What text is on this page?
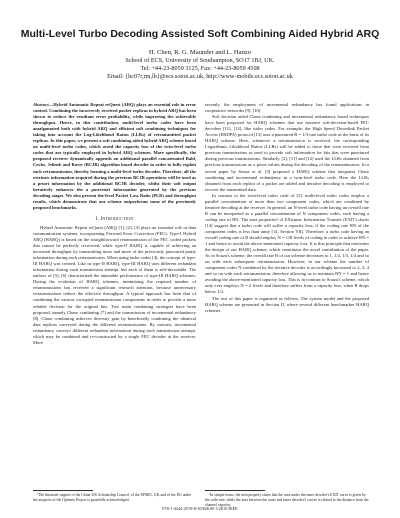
Multi-Level Turbo Decoding Assisted Soft Combining Aided Hybrid ARQ
H. Chen, R. G. Maunder and L. Hanzo
School of ECS, University of Southampton, SO17 1BJ, UK.
Tel: +44-23-8059 3125, Fax: +44-23-8059 4508
Email: {hc07r,rm,lh}@ecs.soton.ac.uk, http://www-mobile.ecs.soton.ac.uk

Abstract—Hybrid Automatic Repeat reQuest (ARQ) plays an essential role in error control. Combining the incorrectly received packet replicas in hybrid ARQ has been shown to reduce the resultant error probability, while improving the achievable throughput. Hence, in this contribution, multi-level turbo codes have been amalgamated both with hybrid ARQ and efficient soft combining techniques for taking into account the Log-Likelihood Ratios (LLRs) of retransmitted packet replicas. In this paper, we present a soft combining aided hybrid ARQ scheme based on multi-level turbo codes, which avoid the capacity loss of the twin-level turbo codes that are typically employed in hybrid ARQ schemes. More specifically, the proposed receiver dynamically appends an additional parallel concatenated Bahl, Cocke, Jelinek and Raviv (BCJR) algorithm based decoder in order to fully exploit each retransmission, thereby forming a multi-level turbo decoder. Therefore, all the extrinsic information acquired during the previous BCJR operations will be used as a priori information by the additional BCJR decoder, whilst their soft output iteratively enhances the a posteriori information generated by the previous decoding stages. We also present the-level Packet Loss Ratio (PLR) and throughput results, which demonstrate that our scheme outperforms some of the previously proposed benchmarks.

I. Introduction

Hybrid Automatic Repeat reQuest (ARQ) [1], [2], [3] plays an essential role in data communication systems, incorporating Forward Error Correction (FEC). Type-I Hybrid ARQ (HARQ) is based on the straightforward retransmission of the FEC coded packets that cannot be perfectly recovered, while type-II HARQ is capable of achieving an increased throughput by transmitting more and more of the previously punctured parity information during each retransmission. When using turbo codes [4], the concept of type-III HARQ was created. Like in type-II HARQ, type-III HARQ uses different redundant information during each transmission attempt, but each of them is self-decodable. The authors of [5], [6] characterized the attainable performance of type-III HARQ schemes. During the evolution of HARQ schemes, minimizing the required number of retransmissions has received a significant research attention, because unnecessary retransmissions reduce the effective throughput. A typical approach has been that of combining the various corrupted retransmission components in order to provide a more reliable decision for the original bits. Two main combining strategies have been proposed, namely Chase combining [7] and the transmission of incremental redundancy [8]. Chase combining achieves diversity gain by beneficially combining the identical data replicas conveyed during the different retransmissions. By contrast, incremental redundancy conveys different redundant information during each transmission attempt, which may be combined and re-constructed by a single FEC decoder at the receiver. More

recently, the employment of incremental redundancy has found applications in cooperative networks [9], [10].

Soft decision aided Chase combining and incremental redundancy based techniques have been proposed for HARQ schemes that use iterative soft-decision-based FEC decoders [11], [12], like turbo codes. For example, the High Speed Downlink Packet Access (HSDPA) protocol [13] uses a punctured R = 1/3-rate turbo code as the basis of its HARQ scheme. Here, whenever a retransmission is received, the corresponding Logarithmic Likelihood Ratios (LLRs) will be added to those that were received from previous transmissions or used to provide soft information for bits that were punctured during previous transmissions. Similarly, [2], [11] and [12] used the LLRs obtained from previous transmissions as a priori values during the decoding of the retransmissions. In a recent paper by Souza et al. [3] proposed a HARQ scheme that integrates Chase combining and incremental redundancy in a twin-level turbo code. Here the LLRs obtained from each replica of a packet are added and iterative decoding is employed to recover the transmitted data.

In contrast to the twin-level turbo code of [3], multi-level turbo codes employ a parallel concatenation of more than two component codes, which are combined by iterative decoding at the receiver. In general, an N-level turbo code having an overall rate R can be interpreted as a parallel concatenation of N component codes, each having a coding rate of RN. The area properties¹ of EXtrinsic Information Transfer (EXIT) charts [14] suggest that a turbo code will suffer a capacity loss, if the coding rate RN of the component codes is less than unity [14, Section VII]. Therefore, a turbo code having an overall coding rate of R should employ N = 1/R levels of coding in order to achieve RN = 1 and hence to avoid the above-mentioned capacity loss. It is this principle that motivates the design of our HARQ scheme, which constitutes the novel contribution of the paper. As in Souza's scheme, the overall rate R of our scheme decreases to 1, 1/2, 1/3, 1/4 and so on with each subsequent retransmission. However, in our scheme the number of component codes N combined by the iterative decoder is accordingly increased to 2, 3, 4 and so on with each retransmission, therefore allowing us to maintain RN = 1 and hence avoiding the above-mentioned capacity loss. This is in contrast to Souza's scheme, which only ever employs N = 2 levels and therefore suffers from a capacity loss, when R drops below 1/2.

The rest of this paper is organized as follows. The system model and the proposed HARQ scheme are presented in Section II, where several different benchmarker HARQ schemes

¹The financial support of the China-UK Scholarship Council, of the EPSRC, UK and of the EU under the auspices of the Optimix Project is gratefully acknowledged.

¹In simple terms, the area property states that the area under the inner decoder's EXIT curve is given by the code-rate, while the area between the outer and inner decoder's curves is related to the distance from the channel capacity.

978-1-4244-2519-8/10/$26.00 ©2010 IEEE
